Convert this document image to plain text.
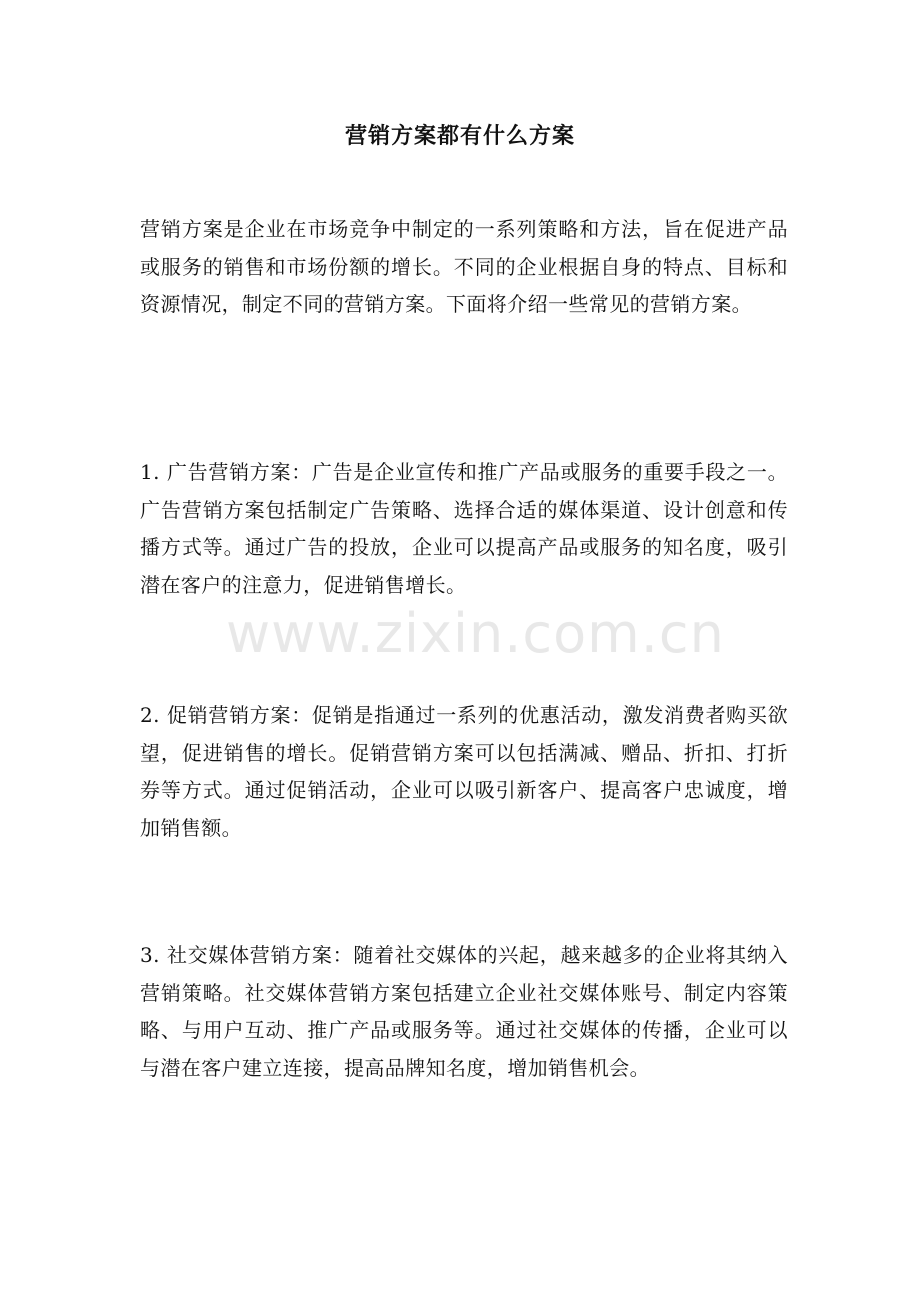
营销方案都有什么方案
营销方案是企业在市场竞争中制定的一系列策略和方法，旨在促进产品或服务的销售和市场份额的增长。不同的企业根据自身的特点、目标和资源情况，制定不同的营销方案。下面将介绍一些常见的营销方案。
1. 广告营销方案：广告是企业宣传和推广产品或服务的重要手段之一。广告营销方案包括制定广告策略、选择合适的媒体渠道、设计创意和传播方式等。通过广告的投放，企业可以提高产品或服务的知名度，吸引潜在客户的注意力，促进销售增长。
2. 促销营销方案：促销是指通过一系列的优惠活动，激发消费者购买欲望，促进销售的增长。促销营销方案可以包括满减、赠品、折扣、打折券等方式。通过促销活动，企业可以吸引新客户、提高客户忠诚度，增加销售额。
3. 社交媒体营销方案：随着社交媒体的兴起，越来越多的企业将其纳入营销策略。社交媒体营销方案包括建立企业社交媒体账号、制定内容策略、与用户互动、推广产品或服务等。通过社交媒体的传播，企业可以与潜在客户建立连接，提高品牌知名度，增加销售机会。
www.zixin.com.cn
